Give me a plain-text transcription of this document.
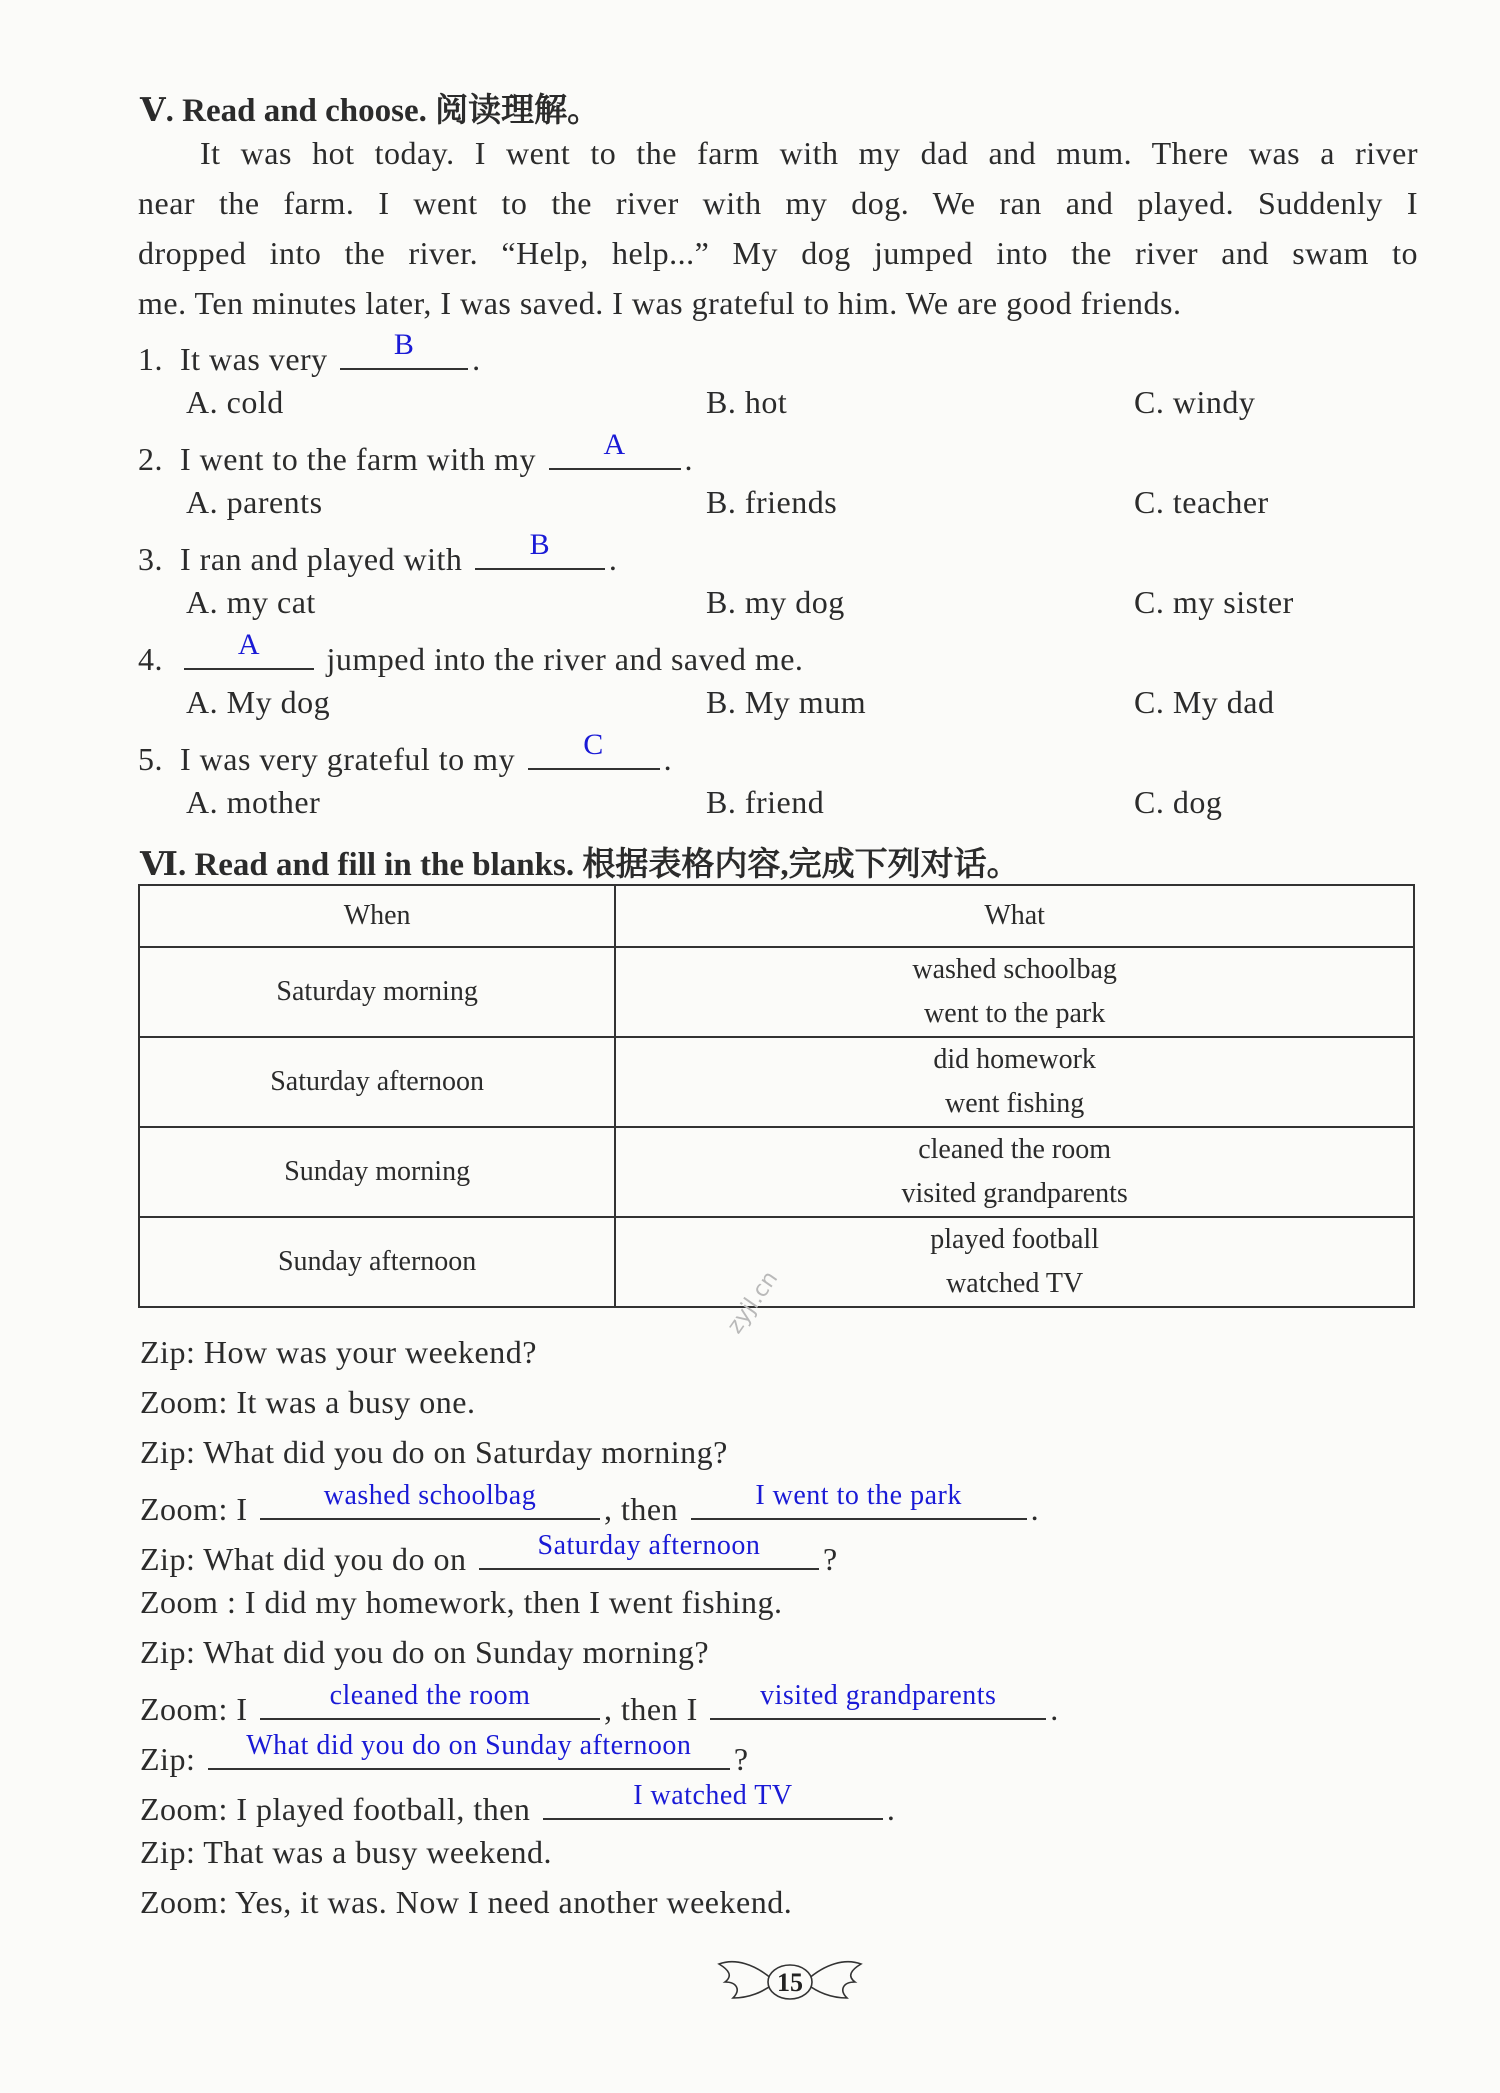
Ⅴ. Read and choose. 阅读理解。
It was hot today. I went to the farm with my dad and mum. There was a river
near the farm. I went to the river with my dog. We ran and played. Suddenly I
dropped into the river. “Help, help...” My dog jumped into the river and swam to
me. Ten minutes later, I was saved. I was grateful to him. We are good friends.
1. It was very	B	.
A. cold	B. hot	C. windy
2. I went to the farm with my	A	.
A. parents	B. friends	C. teacher
3. I ran and played with	B	.
A. my cat	B. my dog	C. my sister
4.	A	jumped into the river and saved me.
A. My dog	B. My mum	C. My dad
5. I was very grateful to my	C	.
A. mother	B. friend	C. dog
Ⅵ. Read and fill in the blanks. 根据表格内容,完成下列对话。
When	What
Saturday morning	washed schoolbag
went to the park

Saturday afternoon	did homework
went fishing

Sunday morning	cleaned the room
visited grandparents

Sunday afternoon	played football
watched TV
zyjl.cn
Zip: How was your weekend?
Zoom: It was a busy one.
Zip: What did you do on Saturday morning?
Zoom: I	washed schoolbag	, then	I went to the park	.
Zip: What did you do on	Saturday afternoon	?
Zoom : I did my homework, then I went fishing.
Zip: What did you do on Sunday morning?
Zoom: I	cleaned the room	, then I	visited grandparents	.
Zip:	What did you do on Sunday afternoon	?
Zoom: I played football, then	I watched TV	.
Zip: That was a busy weekend.
Zoom: Yes, it was. Now I need another weekend.
15
